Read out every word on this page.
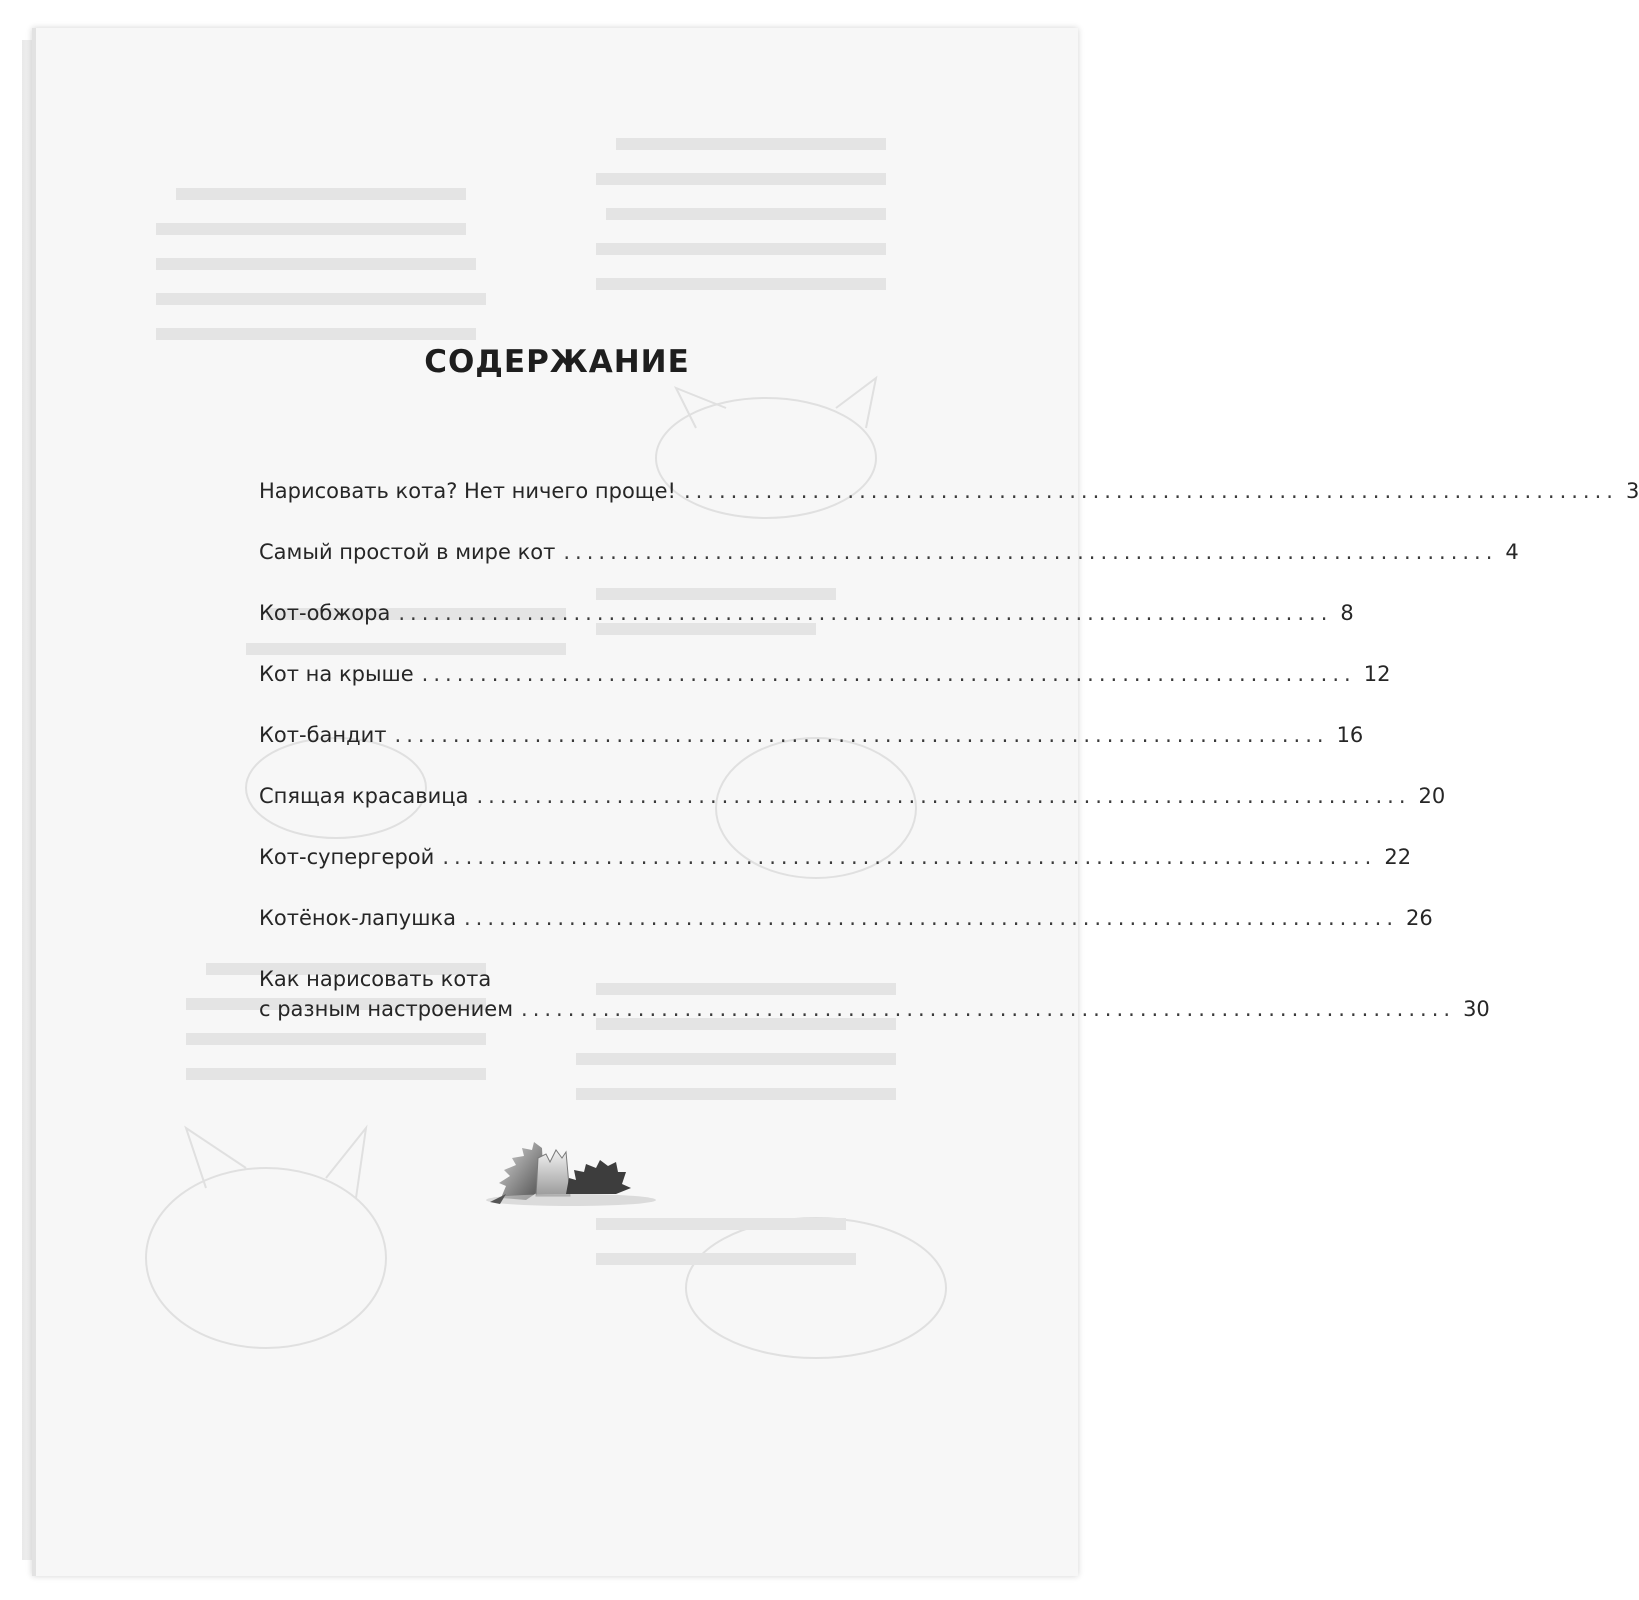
СОДЕРЖАНИЕ
Нарисовать кота? Нет ничего проще! ................................................................................ 3
Самый простой в мире кот ................................................................................ 4
Кот-обжора ................................................................................ 8
Кот на крыше ................................................................................ 12
Кот-бандит ................................................................................ 16
Спящая красавица ................................................................................ 20
Кот-супергерой ................................................................................ 22
Котёнок-лапушка ................................................................................ 26
Как нарисовать кота
с разным настроением ................................................................................ 30
